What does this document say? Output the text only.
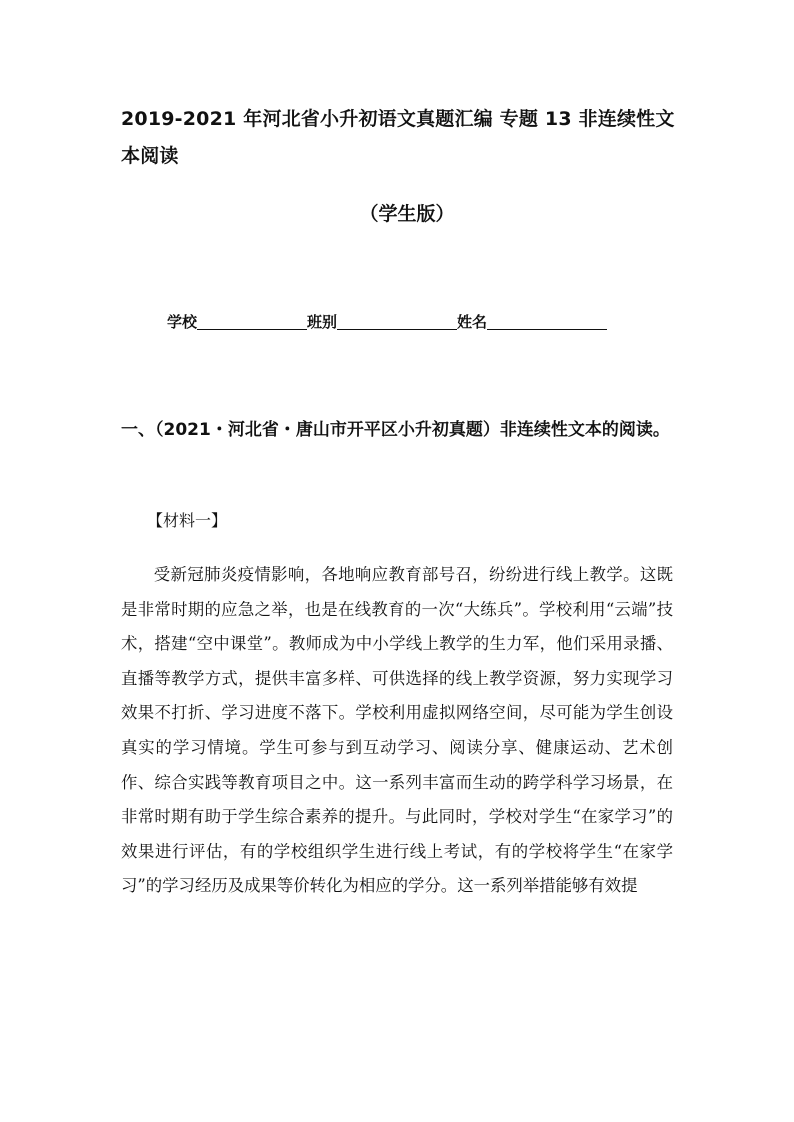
2019-2021 年河北省小升初语文真题汇编 专题 13 非连续性文本阅读
（学生版）
学校	班别	姓名
一、（2021・河北省・唐山市开平区小升初真题）非连续性文本的阅读。
【材料一】

受新冠肺炎疫情影响，各地响应教育部号召，纷纷进行线上教学。这既是非常时期的应急之举，也是在线教育的一次“大练兵”。学校利用“云端”技术，搭建“空中课堂”。教师成为中小学线上教学的生力军，他们采用录播、直播等教学方式，提供丰富多样、可供选择的线上教学资源，努力实现学习效果不打折、学习进度不落下。学校利用虚拟网络空间，尽可能为学生创设真实的学习情境。学生可参与到互动学习、阅读分享、健康运动、艺术创作、综合实践等教育项目之中。这一系列丰富而生动的跨学科学习场景，在非常时期有助于学生综合素养的提升。与此同时，学校对学生“在家学习”的效果进行评估，有的学校组织学生进行线上考试，有的学校将学生“在家学习”的学习经历及成果等价转化为相应的学分。这一系列举措能够有效提
